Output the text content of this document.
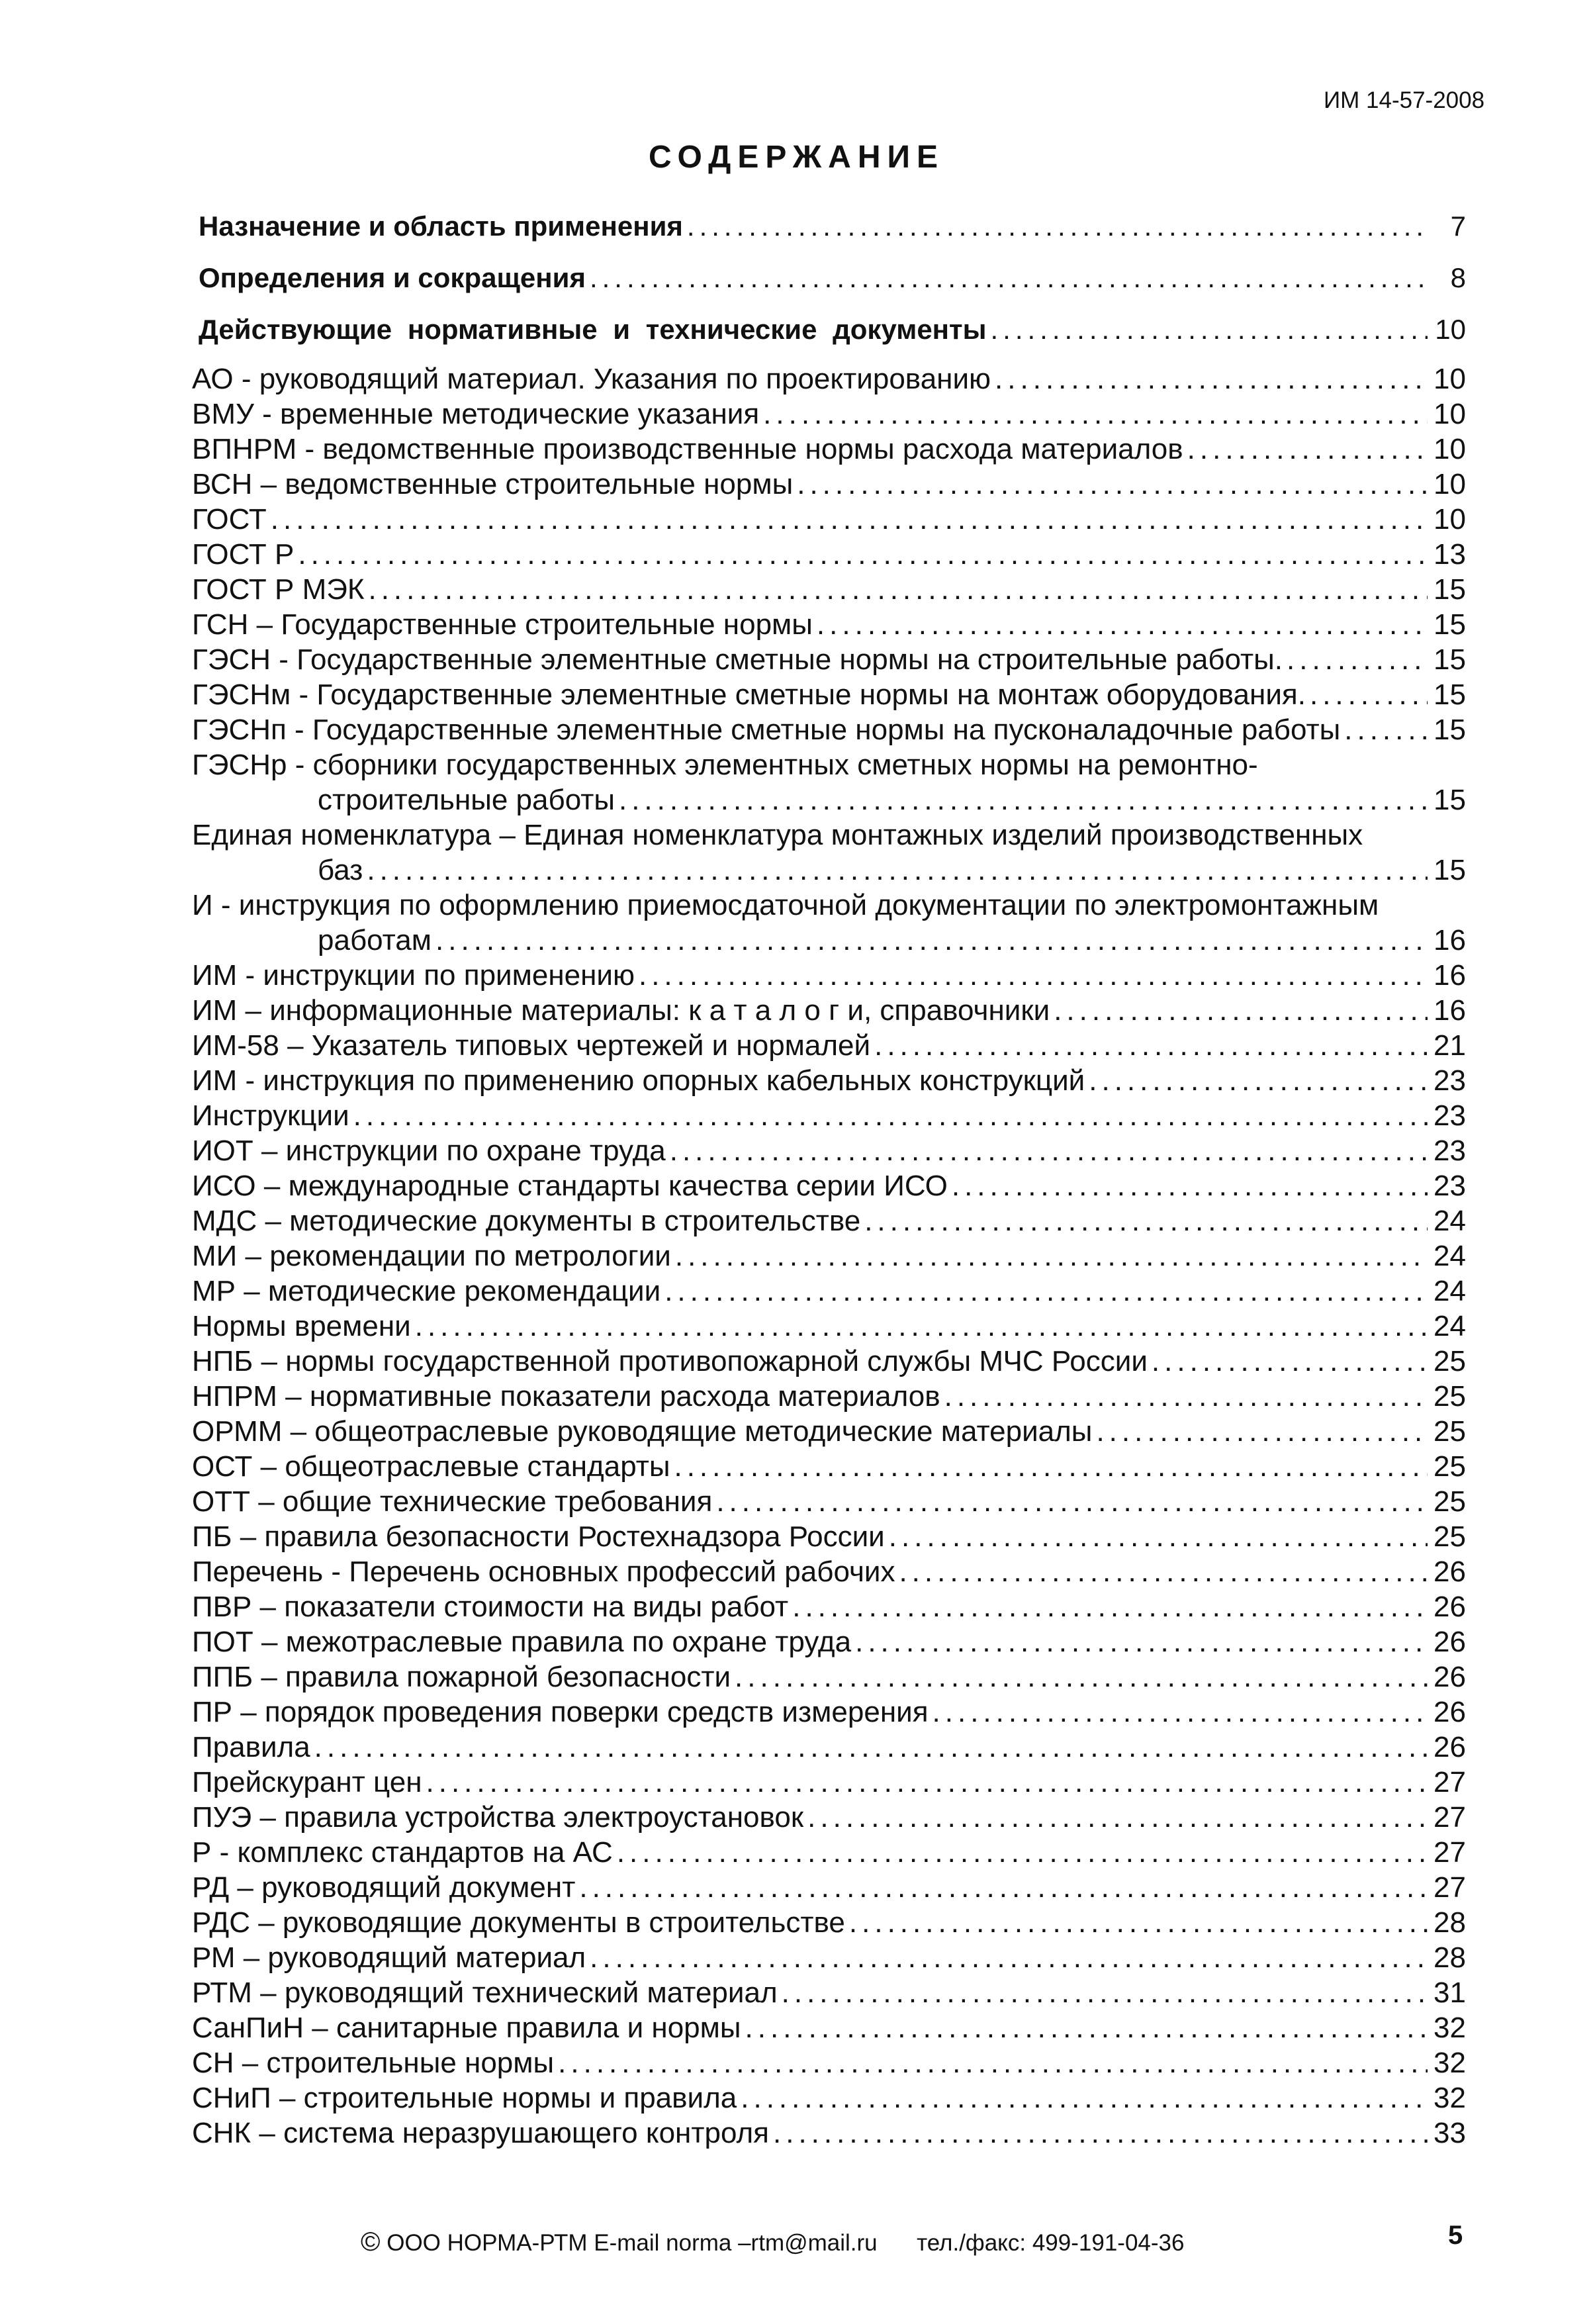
ИМ 14-57-2008
СОДЕРЖАНИЕ
Назначение и область применения .....	7
Определения и сокращения .....	8
Действующие нормативные и технические документы .....	10
АО - руководящий материал. Указания по проектированию .....	10
ВМУ - временные методические указания .....	10
ВПНРМ - ведомственные производственные нормы расхода материалов .....	10
ВСН – ведомственные строительные нормы .....	10
ГОСТ .....	10
ГОСТ Р .....	13
ГОСТ Р МЭК .....	15
ГСН – Государственные строительные нормы .....	15
ГЭСН - Государственные элементные сметные нормы на строительные работы. .....	15
ГЭСНм - Государственные элементные сметные нормы на монтаж оборудования. .....	15
ГЭСНп - Государственные элементные сметные нормы на пусконаладочные работы .....	15
ГЭСНр - сборники государственных элементных сметных нормы на ремонтно-
строительные работы .....	15
Единая номенклатура – Единая номенклатура монтажных изделий производственных
баз .....	15
И - инструкция по оформлению приемосдаточной документации по электромонтажным
работам .....	16
ИМ - инструкции по применению .....	16
ИМ – информационные материалы: к а т а л о г и, справочники .....	16
ИМ-58 – Указатель типовых чертежей и нормалей .....	21
ИМ - инструкция по применению опорных кабельных конструкций .....	23
Инструкции .....	23
ИОТ – инструкции по охране труда .....	23
ИСО – международные стандарты качества серии ИСО .....	23
МДС – методические документы в строительстве .....	24
МИ – рекомендации по метрологии .....	24
МР – методические рекомендации .....	24
Нормы времени .....	24
НПБ – нормы государственной противопожарной службы МЧС России .....	25
НПРМ – нормативные показатели расхода материалов .....	25
ОРММ – общеотраслевые руководящие методические материалы .....	25
ОСТ – общеотраслевые стандарты .....	25
ОТТ – общие технические требования .....	25
ПБ – правила безопасности Ростехнадзора России .....	25
Перечень - Перечень основных профессий рабочих .....	26
ПВР – показатели стоимости на виды работ .....	26
ПОТ – межотраслевые правила по охране труда .....	26
ППБ – правила пожарной безопасности .....	26
ПР – порядок проведения поверки средств измерения .....	26
Правила .....	26
Прейскурант цен .....	27
ПУЭ – правила устройства электроустановок .....	27
Р - комплекс стандартов на АС .....	27
РД – руководящий документ .....	27
РДС – руководящие документы в строительстве .....	28
РМ – руководящий материал .....	28
РТМ – руководящий технический материал .....	31
СанПиН – санитарные правила и нормы .....	32
СН – строительные нормы .....	32
СНиП – строительные нормы и правила .....	32
СНК – система неразрушающего контроля .....	33
© ООО НОРМА-РТМ E-mail norma –rtm@mail.ru тел./факс: 499-191-04-36	5
